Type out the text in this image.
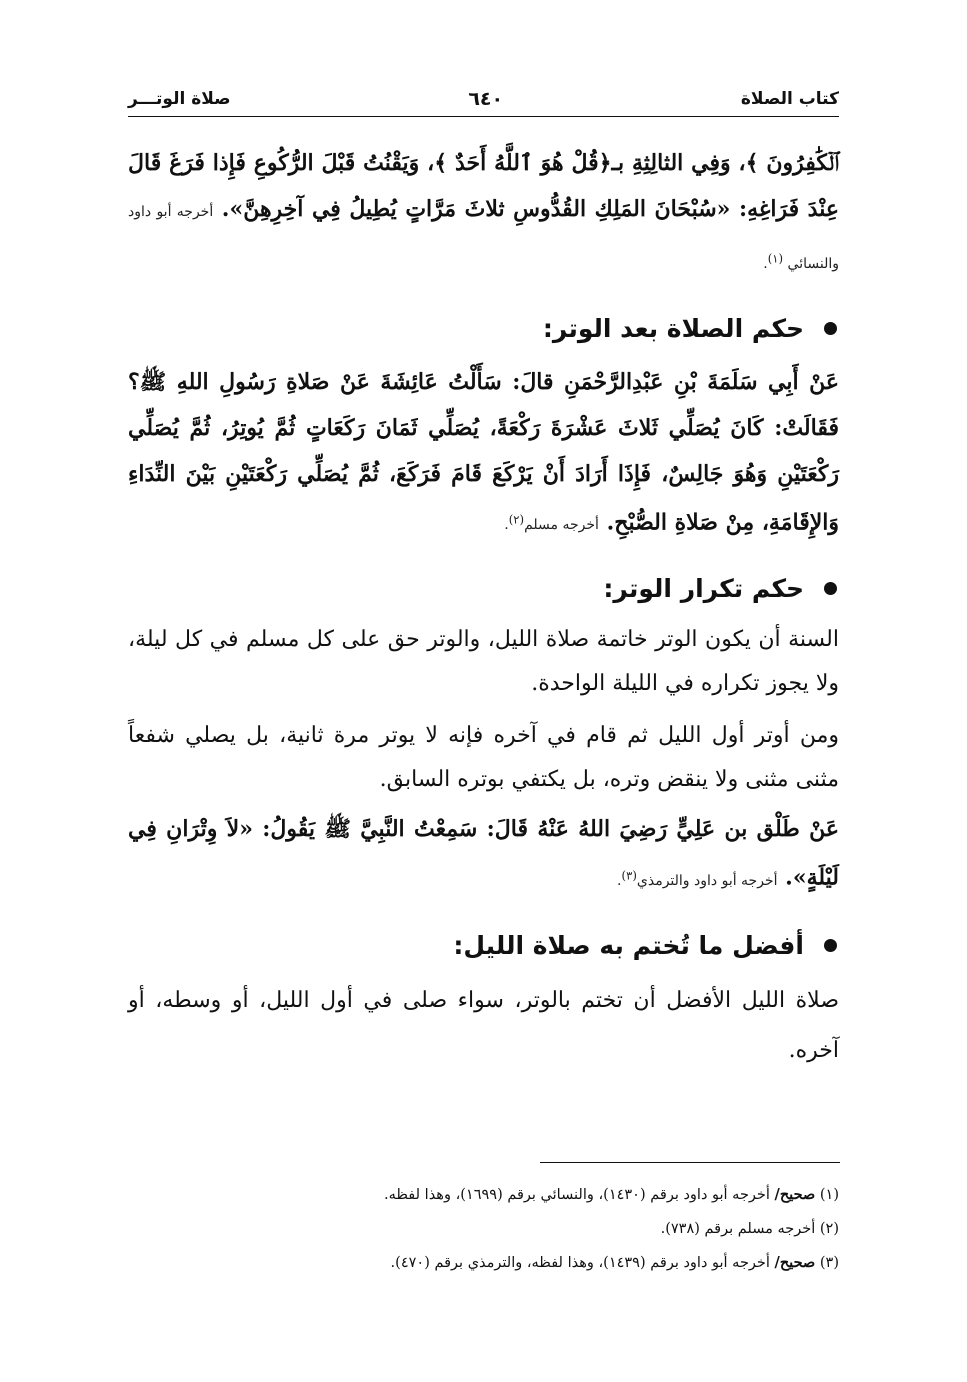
كتاب الصلاة
٦٤٠
صلاة الوتـــر

ﭐﻟۡﻜَٰﻔِﺮُﻭﻥَ ﴾، وَفِي الثالِثِةِ بـ﴿قُلْ هُوَ ٱللَّهُ أَحَدٌ ﴾، وَيَقْنُتُ قَبْلَ الرُّكُوعِ فَإِذا فَرَغَ قَالَ عِنْدَ فَرَاغِهِ: «سُبْحَانَ المَلِكِ القُدُّوسِ ثلاثَ مَرَّاتٍ يُطِيلُ فِي آخِرِهِنَّ». أخرجه أبو داود والنسائي $^{(١)}$.

حكم الصلاة بعد الوتر:

عَنْ أَبِي سَلَمَةَ بْنِ عَبْدِالرَّحْمَنِ قالَ: سَأَلْتُ عَائِشَةَ عَنْ صَلاةِ رَسُولِ اللهِ ﷺ؟ فَقَالَتْ: كَانَ يُصَلِّي ثَلاثَ عَشْرَةَ رَكْعَةً، يُصَلِّي ثَمَانَ رَكَعَاتٍ ثُمَّ يُوتِرُ، ثُمَّ يُصَلِّي رَكْعَتَيْنِ وَهُوَ جَالِسٌ، فَإِذَا أَرَادَ أَنْ يَرْكَعَ قَامَ فَرَكَعَ، ثُمَّ يُصَلِّي رَكْعَتَيْنِ بَيْنَ النِّدَاءِ وَالإِقَامَةِ، مِنْ صَلاةِ الصُّبْحِ. أخرجه مسلم$^{(٢)}$.

حكم تكرار الوتر:

السنة أن يكون الوتر خاتمة صلاة الليل، والوتر حق على كل مسلم في كل ليلة، ولا يجوز تكراره في الليلة الواحدة.

ومن أوتر أول الليل ثم قام في آخره فإنه لا يوتر مرة ثانية، بل يصلي شفعاً مثنى مثنى ولا ينقض وتره، بل يكتفي بوتره السابق.

عَنْ طَلْق بن عَلِيٍّ رَضِيَ اللهُ عَنْهُ قَالَ: سَمِعْتُ النَّبِيَّ ﷺ يَقُولُ: «لاَ وِتْرَانِ فِي لَيْلَةٍ». أخرجه أبو داود والترمذي$^{(٣)}$.

أفضل ما تُختم به صلاة الليل:

صلاة الليل الأفضل أن تختم بالوتر، سواء صلى في أول الليل، أو وسطه، أو آخره.

(١) صحيح/ أخرجه أبو داود برقم (١٤٣٠)، والنسائي برقم (١٦٩٩)، وهذا لفظه.

(٢) أخرجه مسلم برقم (٧٣٨).

(٣) صحيح/ أخرجه أبو داود برقم (١٤٣٩)، وهذا لفظه، والترمذي برقم (٤٧٠).
